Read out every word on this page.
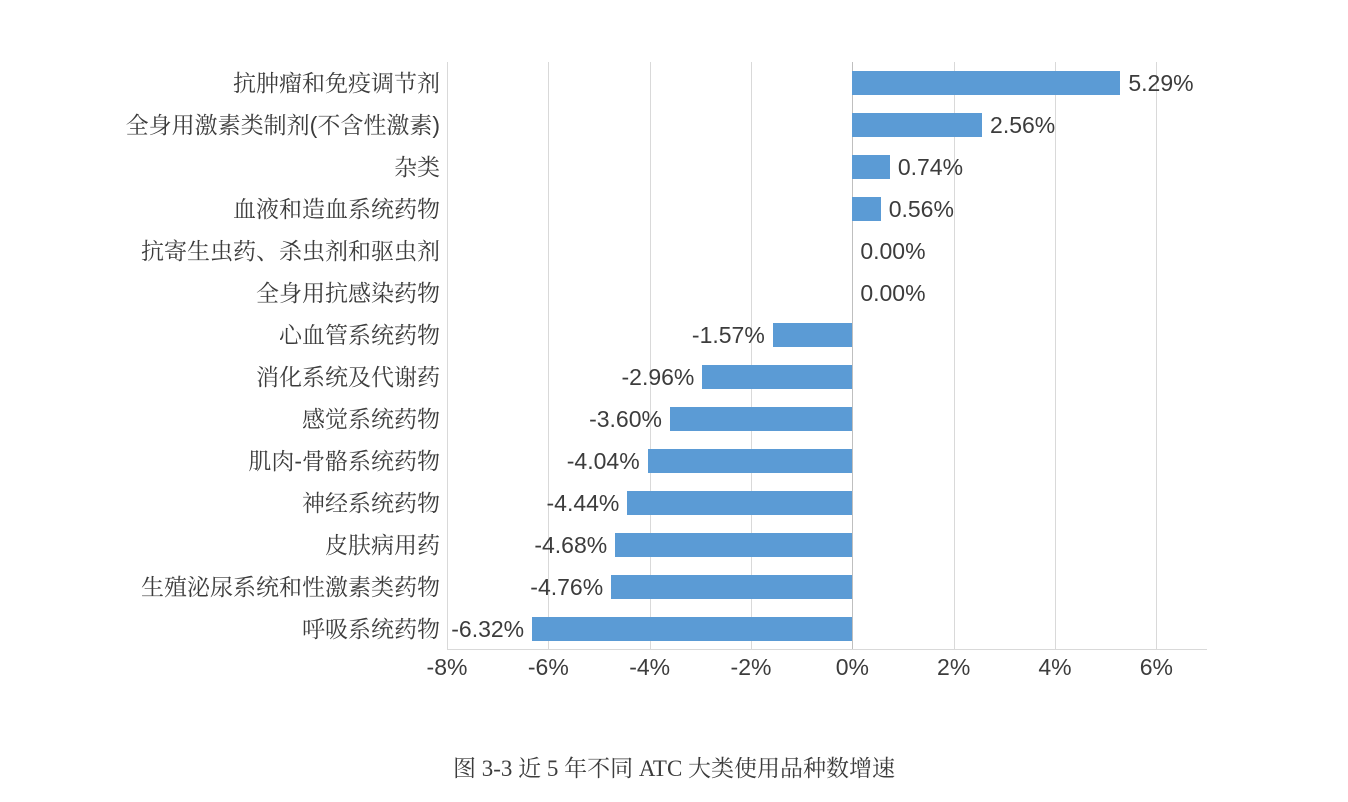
抗肿瘤和免疫调节剂
全身用激素类制剂(不含性激素)
杂类
血液和造血系统药物
抗寄生虫药、杀虫剂和驱虫剂
全身用抗感染药物
心血管系统药物
消化系统及代谢药
感觉系统药物
肌肉-骨骼系统药物
神经系统药物
皮肤病用药
生殖泌尿系统和性激素类药物
呼吸系统药物
5.29%
2.56%
0.74%
0.56%
0.00%
0.00%
-1.57%
-2.96%
-3.60%
-4.04%
-4.44%
-4.68%
-4.76%
-6.32%
-8%	-6%	-4%	-2%	0%	2%	4%	6%
图 3-3 近 5 年不同 ATC 大类使用品种数增速
